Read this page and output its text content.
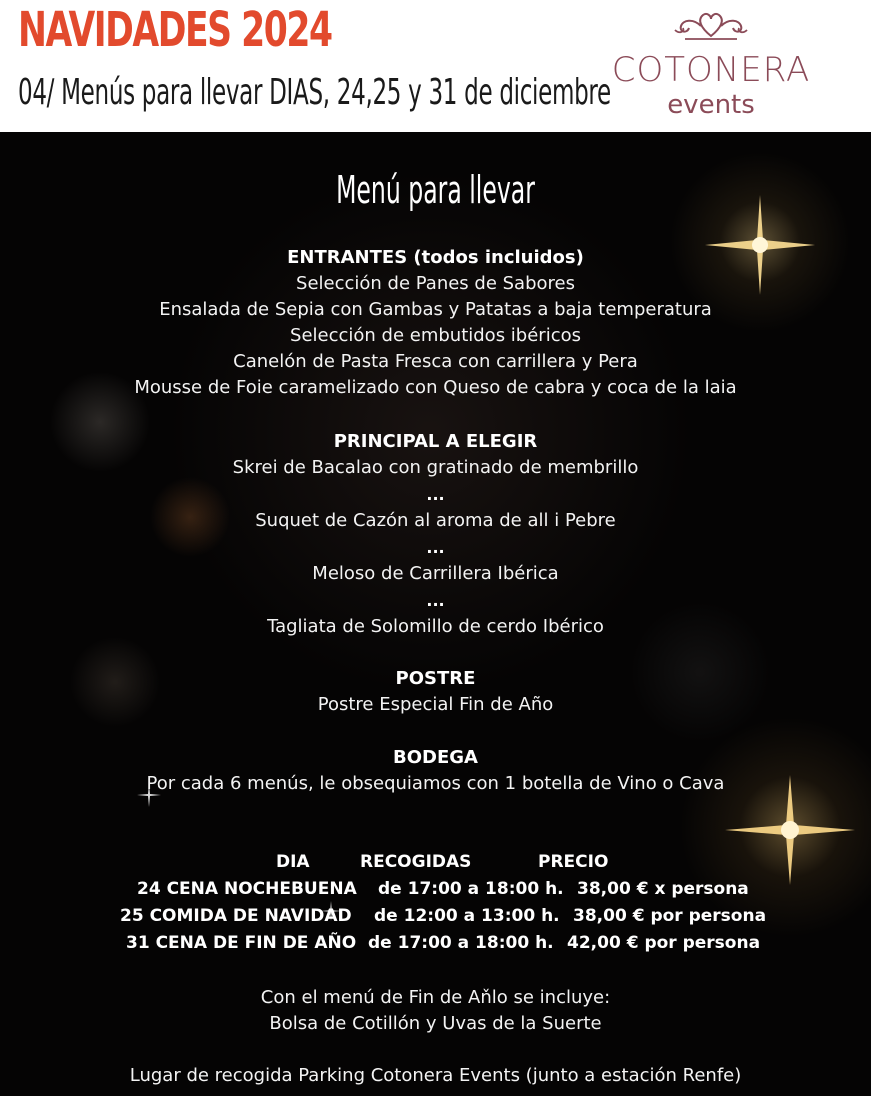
NAVIDADES 2024
04/ Menús para llevar DIAS, 24,25 y 31 de diciembre
COTONERA
events
Menú para llevar
ENTRANTES (todos incluidos)
Selección de Panes de Sabores
Ensalada de Sepia con Gambas y Patatas a baja temperatura
Selección de embutidos ibéricos
Canelón de Pasta Fresca con carrillera y Pera
Mousse de Foie caramelizado con Queso de cabra y coca de la laia
PRINCIPAL A ELEGIR
Skrei de Bacalao con gratinado de membrillo
...
Suquet de Cazón al aroma de all i Pebre
...
Meloso de Carrillera Ibérica
...
Tagliata de Solomillo de cerdo Ibérico
POSTRE
Postre Especial Fin de Año
BODEGA
Por cada 6 menús, le obsequiamos con 1 botella de Vino o Cava
DIA	RECOGIDAS	PRECIO
24 CENA NOCHEBUENA de 17:00 a 18:00 h. 38,00 € x persona
25 COMIDA DE NAVIDAD de 12:00 a 13:00 h. 38,00 € por persona
31 CENA DE FIN DE AÑO de 17:00 a 18:00 h. 42,00 € por persona
Con el menú de Fin de Aňlo se incluye:
Bolsa de Cotillón y Uvas de la Suerte
Lugar de recogida Parking Cotonera Events (junto a estación Renfe)
